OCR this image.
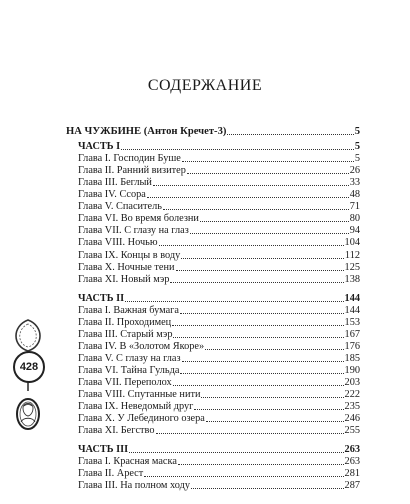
СОДЕРЖАНИЕ
НА ЧУЖБИНЕ (Антон Кречет-3)	5
ЧАСТЬ I	5
Глава I. Господин Буше	5
Глава II. Ранний визитер	26
Глава III. Беглый	33
Глава IV. Ссора	48
Глава V. Спаситель	71
Глава VI. Во время болезни	80
Глава VII. С глазу на глаз	94
Глава VIII. Ночью	104
Глава IX. Концы в воду	112
Глава X. Ночные тени	125
Глава XI. Новый мэр	138
ЧАСТЬ II	144
Глава I. Важная бумага	144
Глава II. Проходимец	153
Глава III. Старый мэр	167
Глава IV. В «Золотом Якоре»	176
Глава V. С глазу на глаз	185
Глава VI. Тайна Гульда	190
Глава VII. Переполох	203
Глава VIII. Спутанные нити	222
Глава IX. Неведомый друг	235
Глава X. У Лебединого озера	246
Глава XI. Бегство	255
ЧАСТЬ III	263
Глава I. Красная маска	263
Глава II. Арест	281
Глава III. На полном ходу	287
428
